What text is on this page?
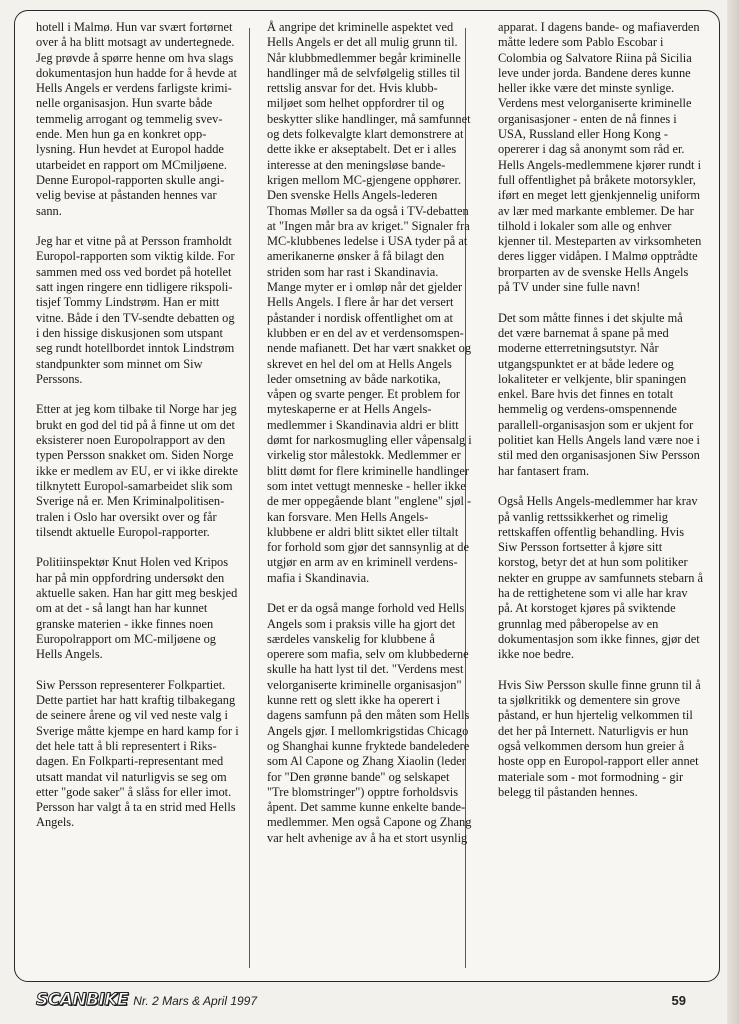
hotell i Malmø. Hun var svært fortørnet
over å ha blitt motsagt av undertegnede.
Jeg prøvde å spørre henne om hva slags
dokumentasjon hun hadde for å hevde at
Hells Angels er verdens farligste krimi-
nelle organisasjon. Hun svarte både
temmelig arrogant og temmelig svev-
ende. Men hun ga en konkret opp-
lysning. Hun hevdet at Europol hadde
utarbeidet en rapport om MCmiljøene.
Denne Europol-rapporten skulle angi-
velig bevise at påstanden hennes var
sann.

Jeg har et vitne på at Persson framholdt
Europol-rapporten som viktig kilde. For
sammen med oss ved bordet på hotellet
satt ingen ringere enn tidligere rikspoli-
tisjef Tommy Lindstrøm. Han er mitt
vitne. Både i den TV-sendte debatten og
i den hissige diskusjonen som utspant
seg rundt hotellbordet inntok Lindstrøm
standpunkter som minnet om Siw
Perssons.

Etter at jeg kom tilbake til Norge har jeg
brukt en god del tid på å finne ut om det
eksisterer noen Europolrapport av den
typen Persson snakket om. Siden Norge
ikke er medlem av EU, er vi ikke direkte
tilknytett Europol-samarbeidet slik som
Sverige nå er. Men Kriminalpolitisen-
tralen i Oslo har oversikt over og får
tilsendt aktuelle Europol-rapporter.

Politiinspektør Knut Holen ved Kripos
har på min oppfordring undersøkt den
aktuelle saken. Han har gitt meg beskjed
om at det - så langt han har kunnet
granske materien - ikke finnes noen
Europolrapport om MC-miljøene og
Hells Angels.

Siw Persson representerer Folkpartiet.
Dette partiet har hatt kraftig tilbakegang
de seinere årene og vil ved neste valg i
Sverige måtte kjempe en hard kamp for i
det hele tatt å bli representert i Riks-
dagen. En Folkparti-representant med
utsatt mandat vil naturligvis se seg om
etter "gode saker" å slåss for eller imot.
Persson har valgt å ta en strid med Hells
Angels.

Å angripe det kriminelle aspektet ved
Hells Angels er det all mulig grunn til.
Når klubbmedlemmer begår kriminelle
handlinger må de selvfølgelig stilles til
rettslig ansvar for det. Hvis klubb-
miljøet som helhet oppfordrer til og
beskytter slike handlinger, må samfunnet
og dets folkevalgte klart demonstrere at
dette ikke er akseptabelt. Det er i alles
interesse at den meningsløse bande-
krigen mellom MC-gjengene opphører.
Den svenske Hells Angels-lederen
Thomas Møller sa da også i TV-debatten
at "Ingen mår bra av kriget." Signaler fra
MC-klubbenes ledelse i USA tyder på at
amerikanerne ønsker å få bilagt den
striden som har rast i Skandinavia.
Mange myter er i omløp når det gjelder
Hells Angels. I flere år har det versert
påstander i nordisk offentlighet om at
klubben er en del av et verdensomspen-
nende mafianett. Det har vært snakket og
skrevet en hel del om at Hells Angels
leder omsetning av både narkotika,
våpen og svarte penger. Et problem for
myteskaperne er at Hells Angels-
medlemmer i Skandinavia aldri er blitt
dømt for narkosmugling eller våpensalg i
virkelig stor målestokk. Medlemmer er
blitt dømt for flere kriminelle handlinger
som intet vettugt menneske - heller ikke
de mer oppegående blant "englene" sjøl -
kan forsvare. Men Hells Angels-
klubbene er aldri blitt siktet eller tiltalt
for forhold som gjør det sannsynlig at de
utgjør en arm av en kriminell verdens-
mafia i Skandinavia.

Det er da også mange forhold ved Hells
Angels som i praksis ville ha gjort det
særdeles vanskelig for klubbene å
operere som mafia, selv om klubbederne
skulle ha hatt lyst til det. "Verdens mest
velorganiserte kriminelle organisasjon"
kunne rett og slett ikke ha operert i
dagens samfunn på den måten som Hells
Angels gjør. I mellomkrigstidas Chicago
og Shanghai kunne fryktede bandeledere
som Al Capone og Zhang Xiaolin (leder
for "Den grønne bande" og selskapet
"Tre blomstringer") opptre forholdsvis
åpent. Det samme kunne enkelte bande-
medlemmer. Men også Capone og Zhang
var helt avhenige av å ha et stort usynlig

apparat. I dagens bande- og mafiaverden
måtte ledere som Pablo Escobar i
Colombia og Salvatore Riina på Sicilia
leve under jorda. Bandene deres kunne
heller ikke være det minste synlige.
Verdens mest velorganiserte kriminelle
organisasjoner - enten de nå finnes i
USA, Russland eller Hong Kong -
opererer i dag så anonymt som råd er.
Hells Angels-medlemmene kjører rundt i
full offentlighet på bråkete motorsykler,
iført en meget lett gjenkjennelig uniform
av lær med markante emblemer. De har
tilhold i lokaler som alle og enhver
kjenner til. Mesteparten av virksomheten
deres ligger vidåpen. I Malmø opptrådte
brorparten av de svenske Hells Angels
på TV under sine fulle navn!

Det som måtte finnes i det skjulte må
det være barnemat å spane på med
moderne etterretningsutstyr. Når
utgangspunktet er at både ledere og
lokaliteter er velkjente, blir spaningen
enkel. Bare hvis det finnes en totalt
hemmelig og verdens-omspennende
parallell-organisasjon som er ukjent for
politiet kan Hells Angels land være noe i
stil med den organisasjonen Siw Persson
har fantasert fram.

Også Hells Angels-medlemmer har krav
på vanlig rettssikkerhet og rimelig
rettskaffen offentlig behandling. Hvis
Siw Persson fortsetter å kjøre sitt
korstog, betyr det at hun som politiker
nekter en gruppe av samfunnets stebarn å
ha de rettighetene som vi alle har krav
på. At korstoget kjøres på sviktende
grunnlag med påberopelse av en
dokumentasjon som ikke finnes, gjør det
ikke noe bedre.

Hvis Siw Persson skulle finne grunn til å
ta sjølkritikk og dementere sin grove
påstand, er hun hjertelig velkommen til
det her på Internett. Naturligvis er hun
også velkommen dersom hun greier å
hoste opp en Europol-rapport eller annet
materiale som - mot formodning - gir
belegg til påstanden hennes.

SCANBIKE Nr. 2 Mars & April 1997	59
